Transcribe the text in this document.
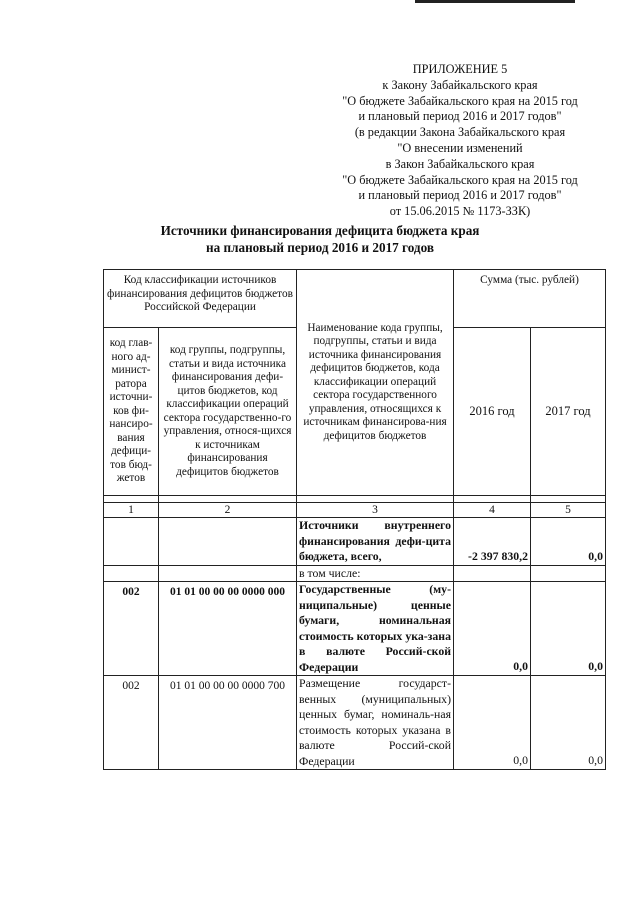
ПРИЛОЖЕНИЕ 5
к Закону Забайкальского края
"О бюджете Забайкальского края на 2015 год
и плановый период 2016 и 2017 годов"
(в редакции Закона Забайкальского края
"О внесении изменений
в Закон Забайкальского края
"О бюджете Забайкальского края на 2015 год
и плановый период 2016 и 2017 годов"
от 15.06.2015 № 1173-ЗЗК)
Источники финансирования дефицита бюджета края
на плановый период 2016 и 2017 годов
Код классификации источников финансирования дефицитов бюджетов Российской Федерации		Наименование кода группы, подгруппы, статьи и вида источника финансирования дефицитов бюджетов, кода классификации операций сектора государственного управления, относящихся к источникам финансирова-ния дефицитов бюджетов	Сумма (тыс. рублей)	
код глав-ного ад-минист-ратора источни-ков фи-нансиро-вания дефици-тов бюд-жетов	код группы, подгруппы, статьи и вида источника финансирования дефи-цитов бюджетов, код классификации операций сектора государственно-го управления, относя-щихся к источникам финансирования дефицитов бюджетов		2016 год	2017 год

1	2	3	4	5
		Источники внутреннего финансирования дефи-цита бюджета, всего,	-2 397 830,2	0,0
		в том числе:		
002	01 01 00 00 00 0000 000	Государственные (му-ниципальные) ценные бумаги, номинальная стоимость которых ука-зана в валюте Россий-ской Федерации	0,0	0,0
002	01 01 00 00 00 0000 700	Размещение государст-венных (муниципальных) ценных бумаг, номиналь-ная стоимость которых указана в валюте Россий-ской Федерации	0,0	0,0
